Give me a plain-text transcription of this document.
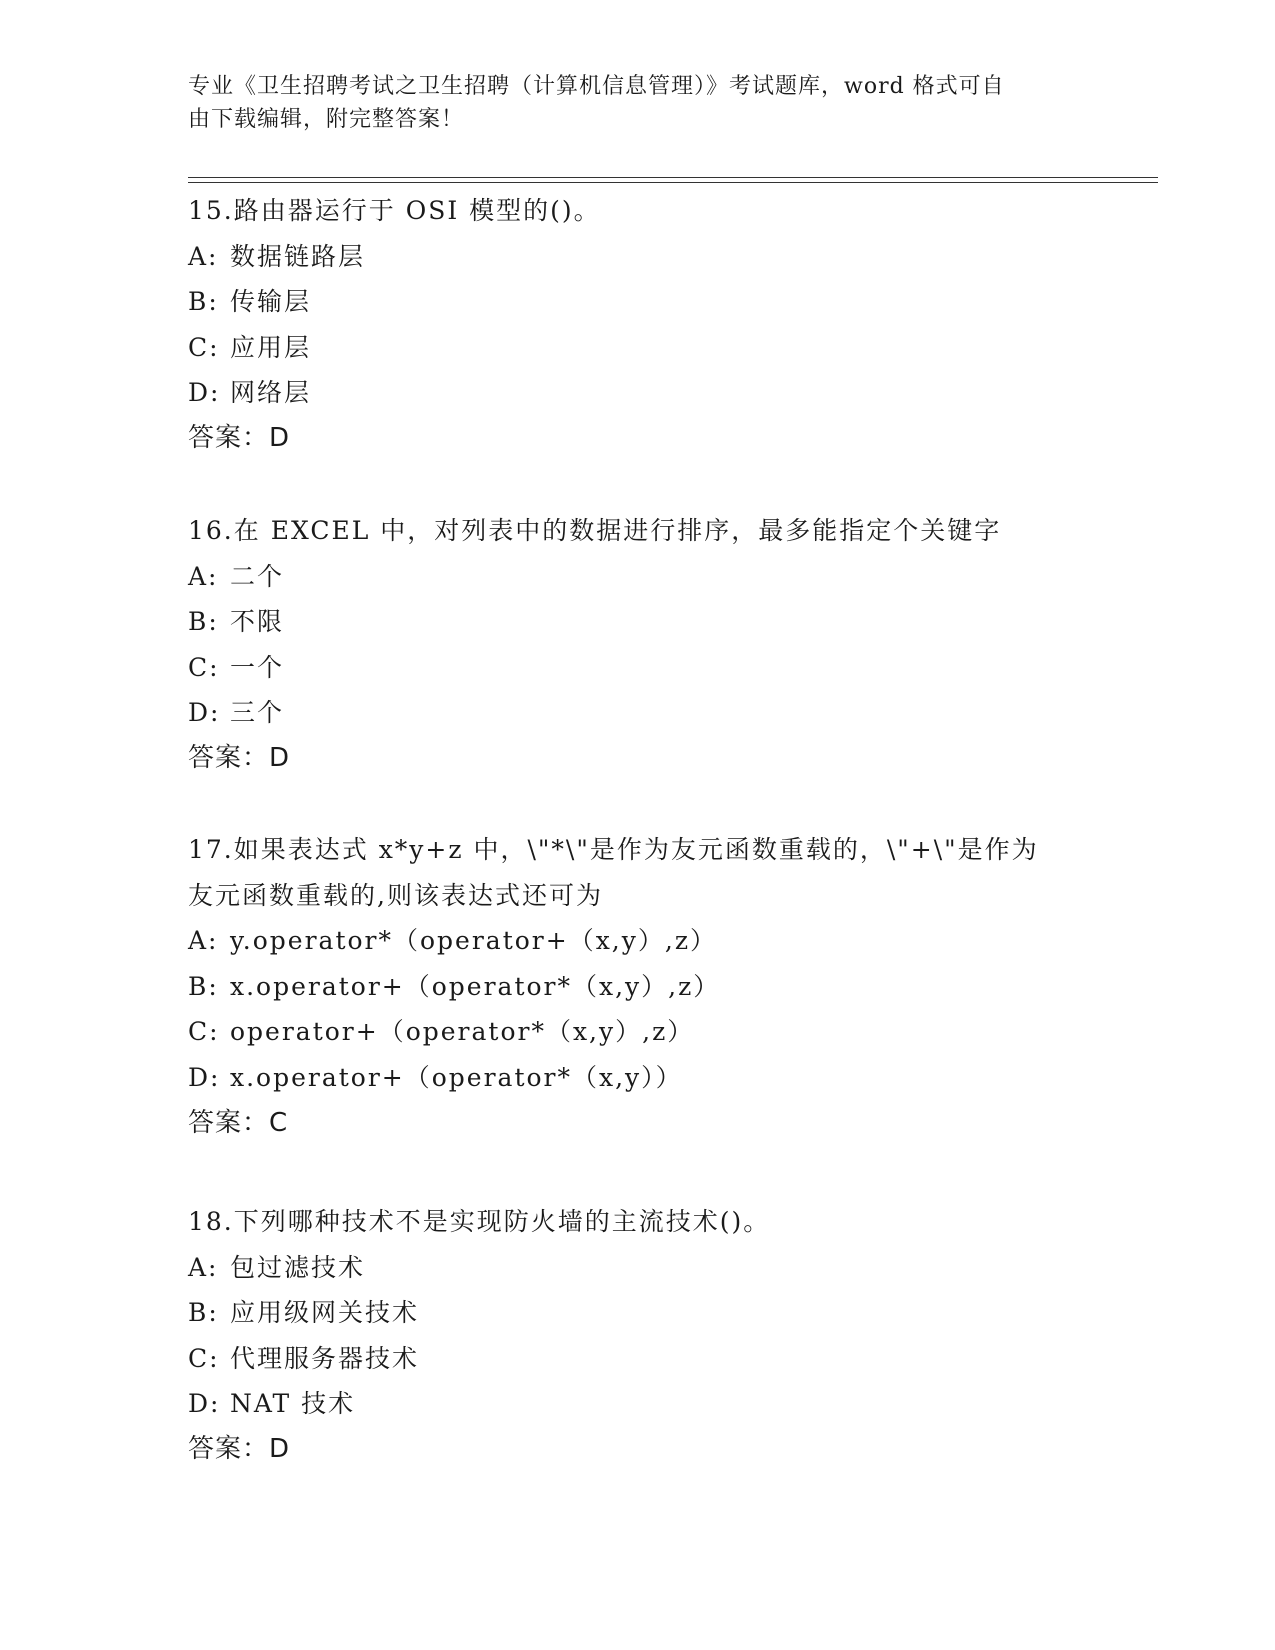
专业《卫生招聘考试之卫生招聘（计算机信息管理）》考试题库，word 格式可自
由下载编辑，附完整答案！
15.路由器运行于 OSI 模型的()。
A: 数据链路层
B: 传输层
C: 应用层
D: 网络层
答案：D
16.在 EXCEL 中，对列表中的数据进行排序，最多能指定个关键字
A: 二个
B: 不限
C: 一个
D: 三个
答案：D
17.如果表达式 x*y+z 中，\"*\"是作为友元函数重载的，\"+\"是作为
友元函数重载的,则该表达式还可为
A: y.operator*（operator+（x,y）,z）
B: x.operator+（operator*（x,y）,z）
C: operator+（operator*（x,y）,z）
D: x.operator+（operator*（x,y））
答案：C
18.下列哪种技术不是实现防火墙的主流技术()。
A: 包过滤技术
B: 应用级网关技术
C: 代理服务器技术
D: NAT 技术
答案：D
